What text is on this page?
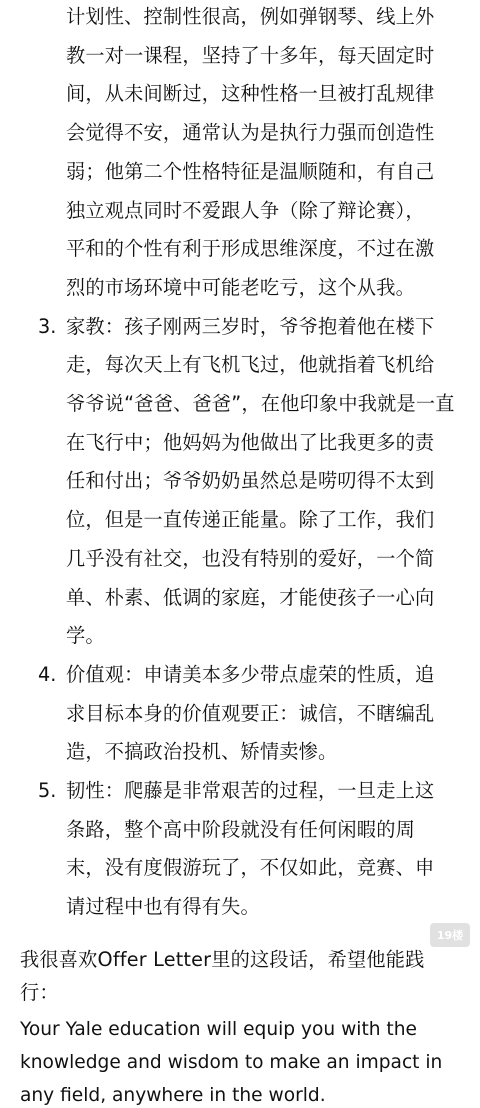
计划性、控制性很高，例如弹钢琴、线上外
教一对一课程，坚持了十多年，每天固定时
间，从未间断过，这种性格一旦被打乱规律
会觉得不安，通常认为是执行力强而创造性
弱；他第二个性格特征是温顺随和，有自己
独立观点同时不爱跟人争（除了辩论赛），
平和的个性有利于形成思维深度，不过在激
烈的市场环境中可能老吃亏，这个从我。
3. 家教：孩子刚两三岁时，爷爷抱着他在楼下
走，每次天上有飞机飞过，他就指着飞机给
爷爷说“爸爸、爸爸”，在他印象中我就是一直
在飞行中；他妈妈为他做出了比我更多的责
任和付出；爷爷奶奶虽然总是唠叨得不太到
位，但是一直传递正能量。除了工作，我们
几乎没有社交，也没有特别的爱好，一个简
单、朴素、低调的家庭，才能使孩子一心向
学。
4. 价值观：申请美本多少带点虚荣的性质，追
求目标本身的价值观要正：诚信，不瞎编乱
造，不搞政治投机、矫情卖惨。
5. 韧性：爬藤是非常艰苦的过程，一旦走上这
条路，整个高中阶段就没有任何闲暇的周
末，没有度假游玩了，不仅如此，竞赛、申
请过程中也有得有失。
我很喜欢Offer Letter里的这段话，希望他能践
行：
Your Yale education will equip you with the
knowledge and wisdom to make an impact in
any field, anywhere in the world.
19楼
